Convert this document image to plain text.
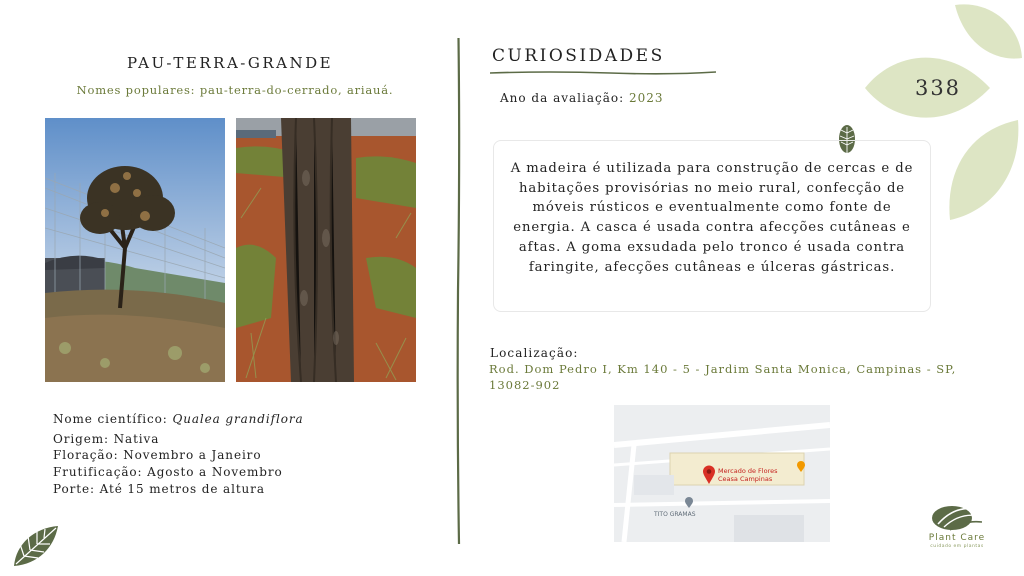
PAU-TERRA-GRANDE
Nomes populares: pau-terra-do-cerrado, ariauá.
Nome científico: Qualea grandiflora
Origem: Nativa
Floração: Novembro a Janeiro
Frutificação: Agosto a Novembro
Porte: Até 15 metros de altura
CURIOSIDADES
Ano da avaliação: 2023

A madeira é utilizada para construção de cercas e de habitações provisórias no meio rural, confecção de móveis rústicos e eventualmente como fonte de energia. A casca é usada contra afecções cutâneas e aftas. A goma exsudada pelo tronco é usada contra faringite, afecções cutâneas e úlceras gástricas.

Localização:
Rod. Dom Pedro I, Km 140 - 5 - Jardim Santa Monica, Campinas - SP, 13082-902
Mercado de Flores
Ceasa Campinas
TITO GRAMAS
338
Plant Care
cuidado em plantas
